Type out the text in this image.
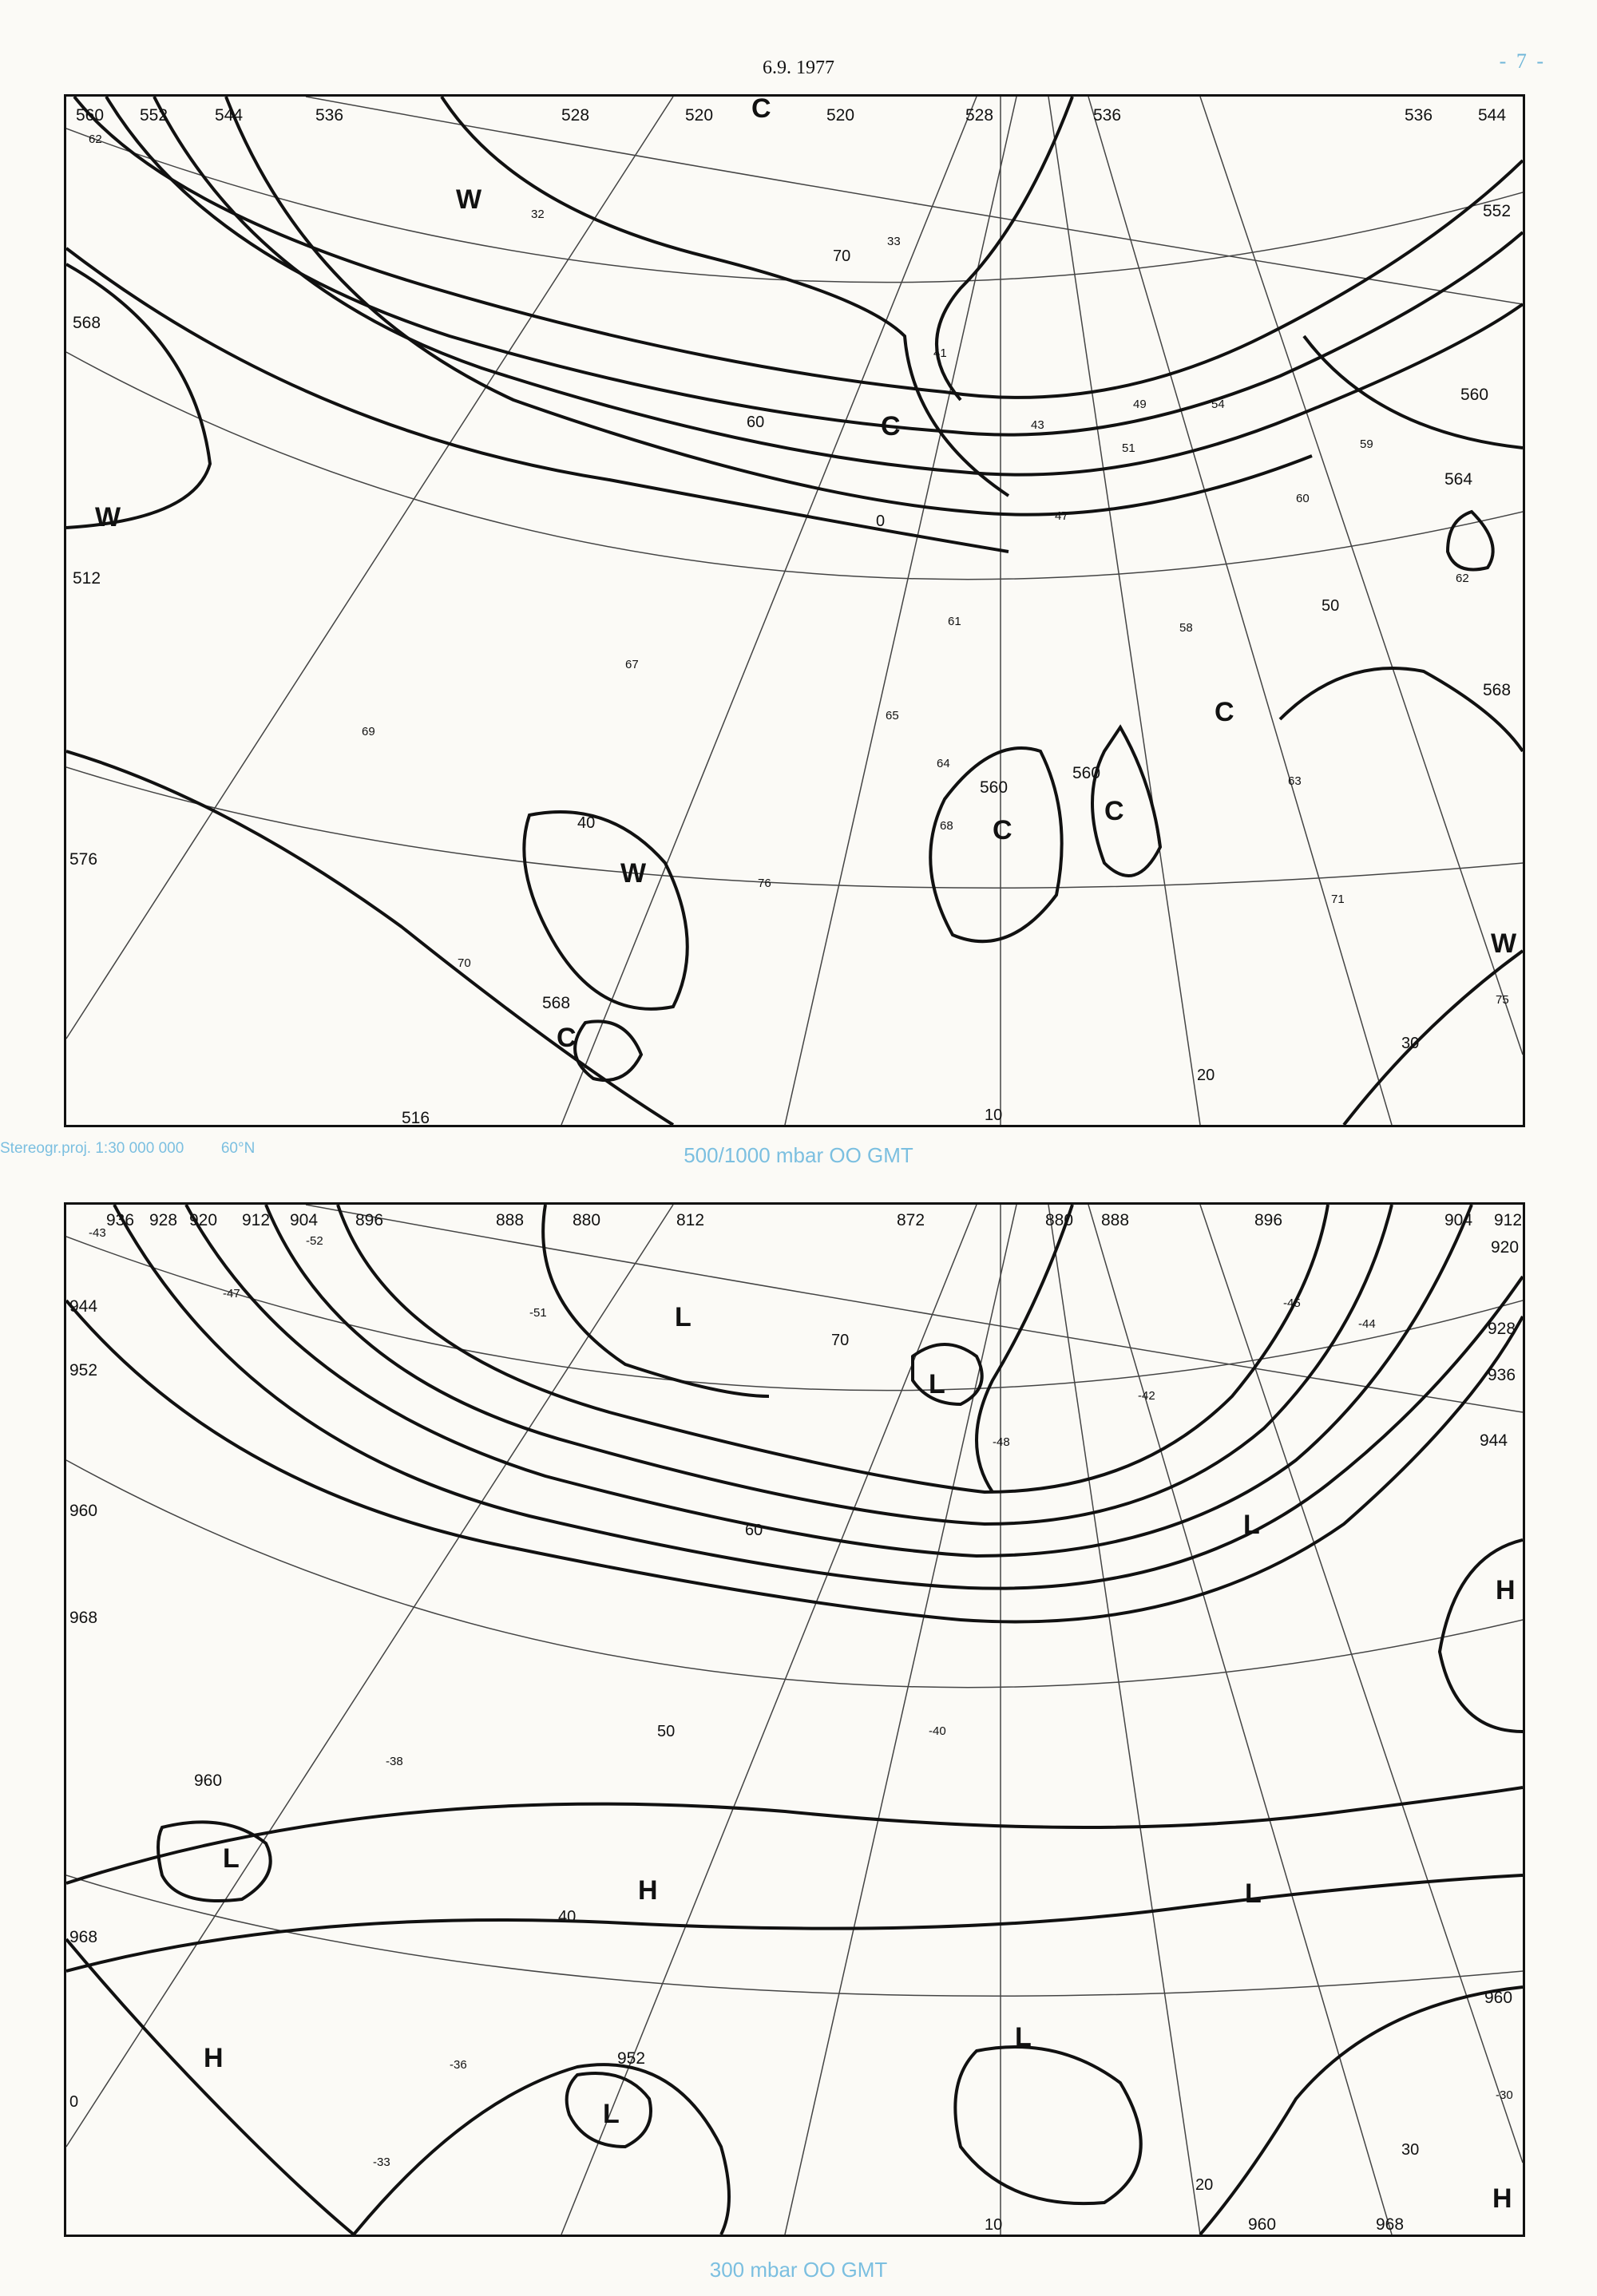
6.9. 1977	- 7 -
560 552	544	536	528	520	520	528	536	536	544
552
568
512
516
560
564
568
560
560
568
576
W
C
C
C
C
C
W
W
W
C
10
20
30
40
50
60
70
0
62
32
33
41
43
47
49
51
54
58
59
60
61
62
63
64
65
67
68
69
70
71
75
76
Stereogr.proj. 1:30 000 000 60°N	500/1000 mbar OO GMT
936 928 920 912 904 896	888	880	812	872	880 888	896	904 912
920
928
936
944
944
952
960
968
960
952
960
968
968
960
L
L
L
L
L
L
L
H
H
H
H
10
20
30
40
50
60
70
0
-43
-52
-47
-51
-48
-45
-44
-42
-40
-38
-36
-33
-30
300 mbar OO GMT
